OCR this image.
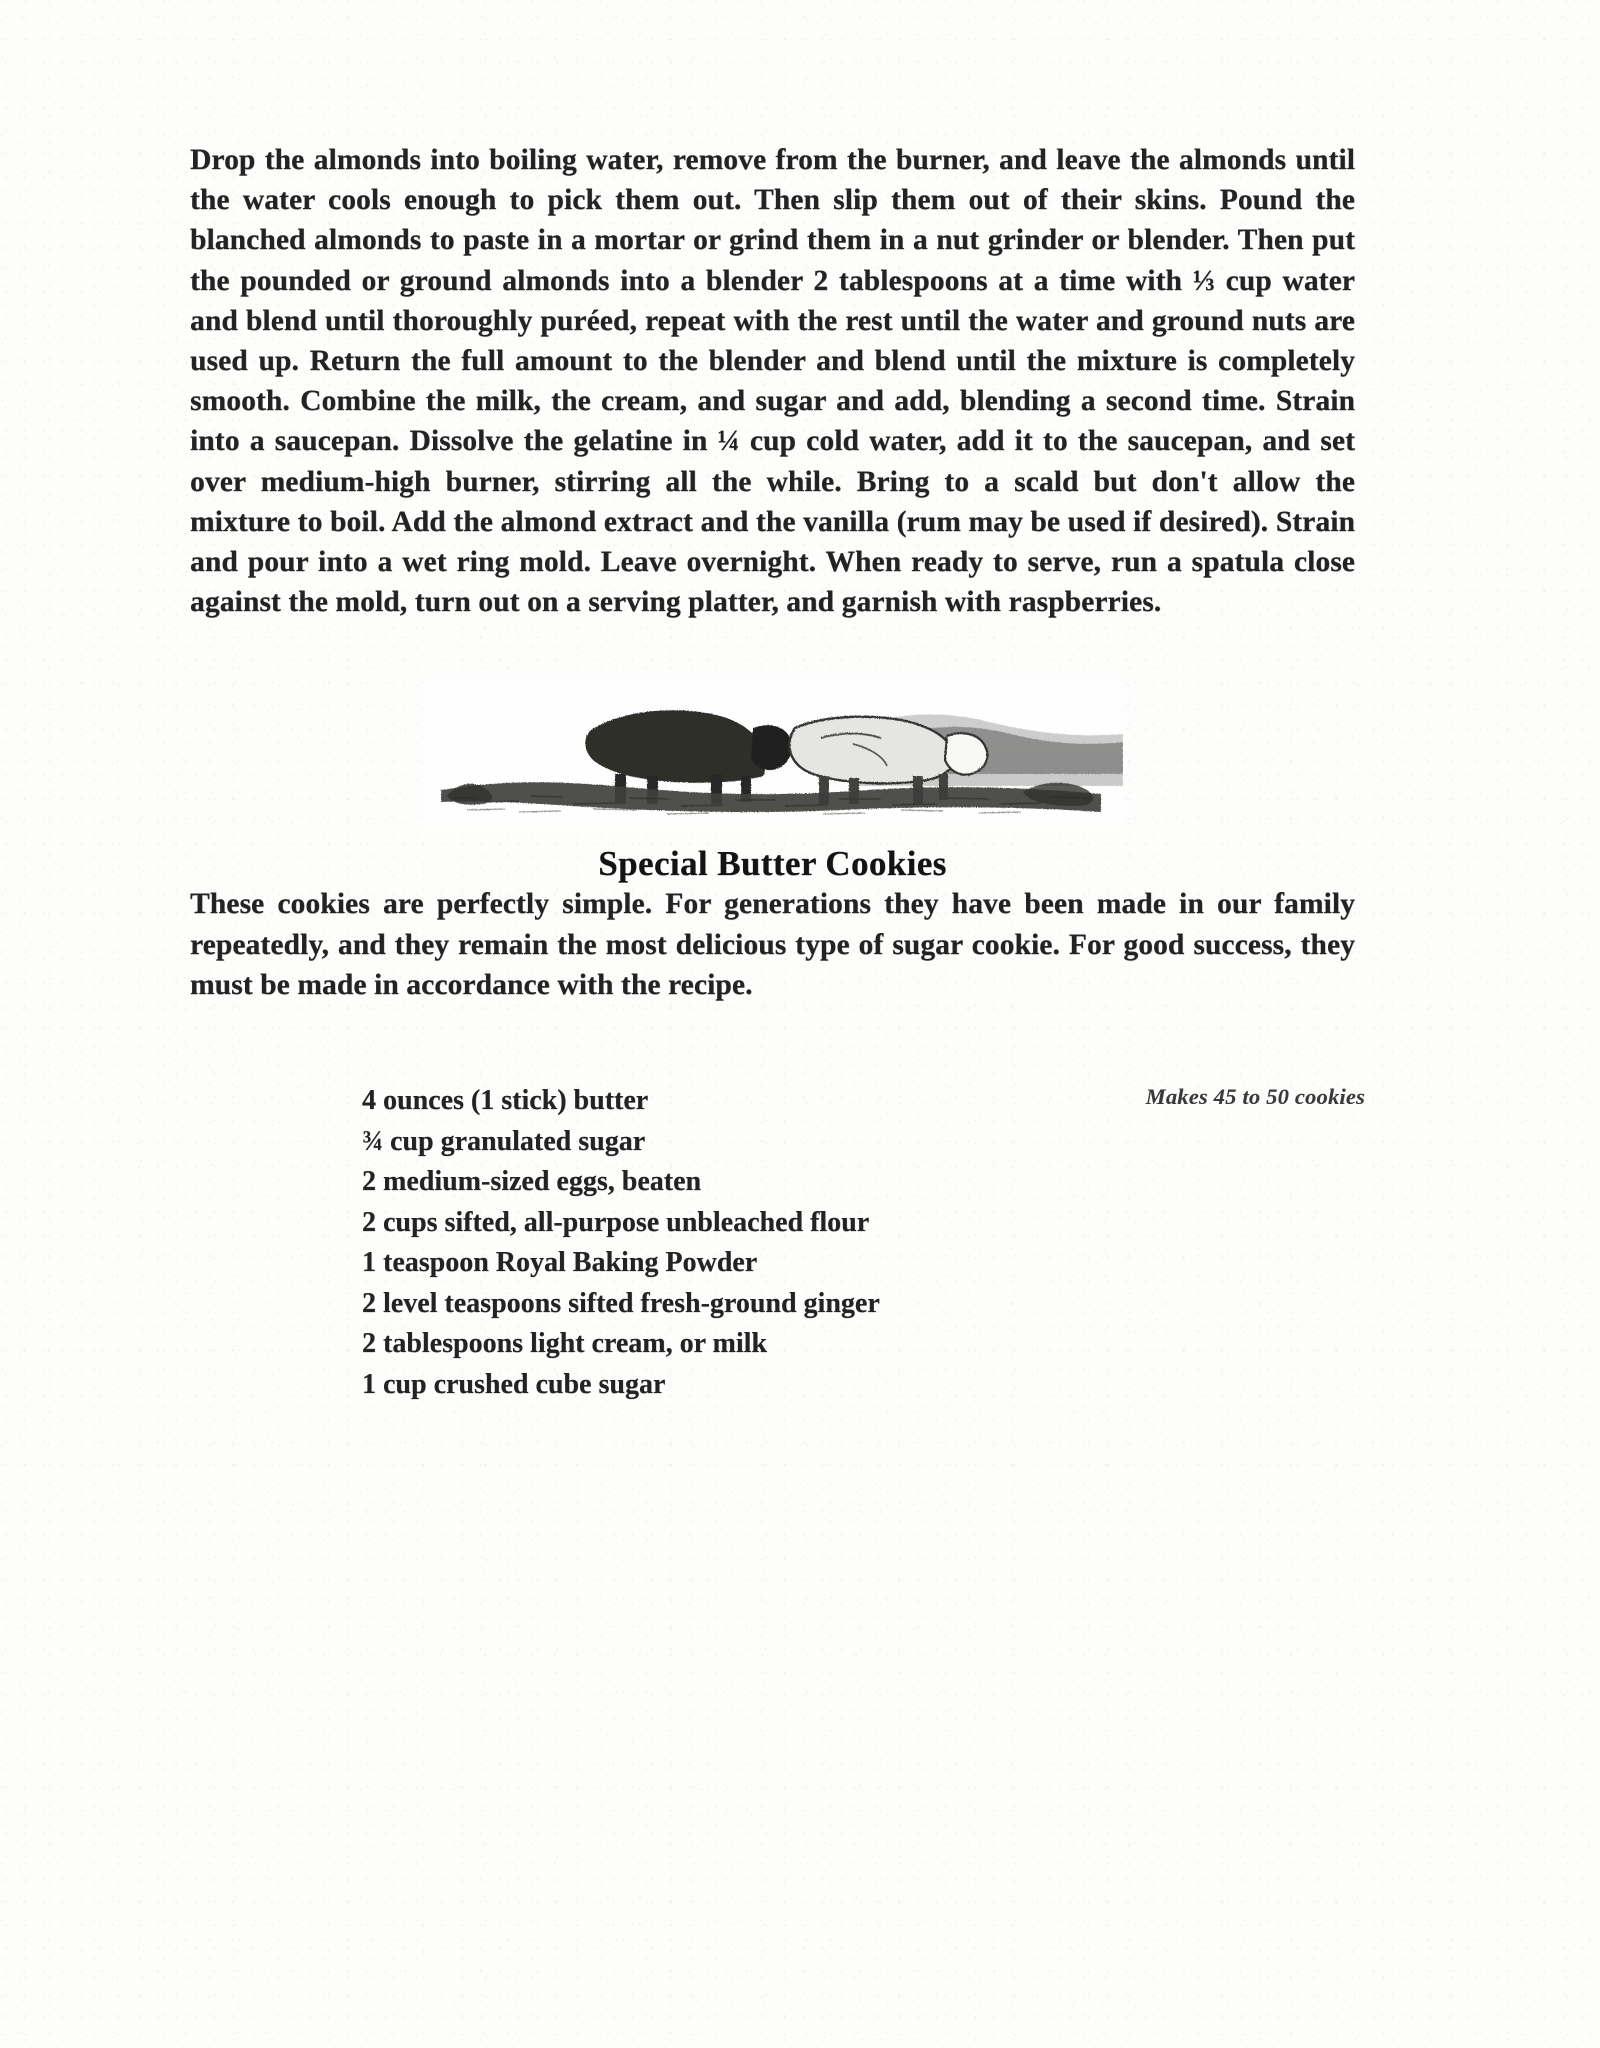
Drop the almonds into boiling water, remove from the burner, and leave the almonds until the water cools enough to pick them out. Then slip them out of their skins. Pound the blanched almonds to paste in a mortar or grind them in a nut grinder or blender. Then put the pounded or ground almonds into a blender 2 tablespoons at a time with ⅓ cup water and blend until thoroughly puréed, repeat with the rest until the water and ground nuts are used up. Return the full amount to the blender and blend until the mixture is completely smooth. Combine the milk, the cream, and sugar and add, blending a second time. Strain into a saucepan. Dissolve the gelatine in ¼ cup cold water, add it to the saucepan, and set over medium-high burner, stirring all the while. Bring to a scald but don't allow the mixture to boil. Add the almond extract and the vanilla (rum may be used if desired). Strain and pour into a wet ring mold. Leave overnight. When ready to serve, run a spatula close against the mold, turn out on a serving platter, and garnish with raspberries.

Special Butter Cookies

These cookies are perfectly simple. For generations they have been made in our family repeatedly, and they remain the most delicious type of sugar cookie. For good success, they must be made in accordance with the recipe.

Makes 45 to 50 cookies
4 ounces (1 stick) butter
¾ cup granulated sugar
2 medium-sized eggs, beaten
2 cups sifted, all-purpose unbleached flour
1 teaspoon Royal Baking Powder
2 level teaspoons sifted fresh-ground ginger
2 tablespoons light cream, or milk
1 cup crushed cube sugar
